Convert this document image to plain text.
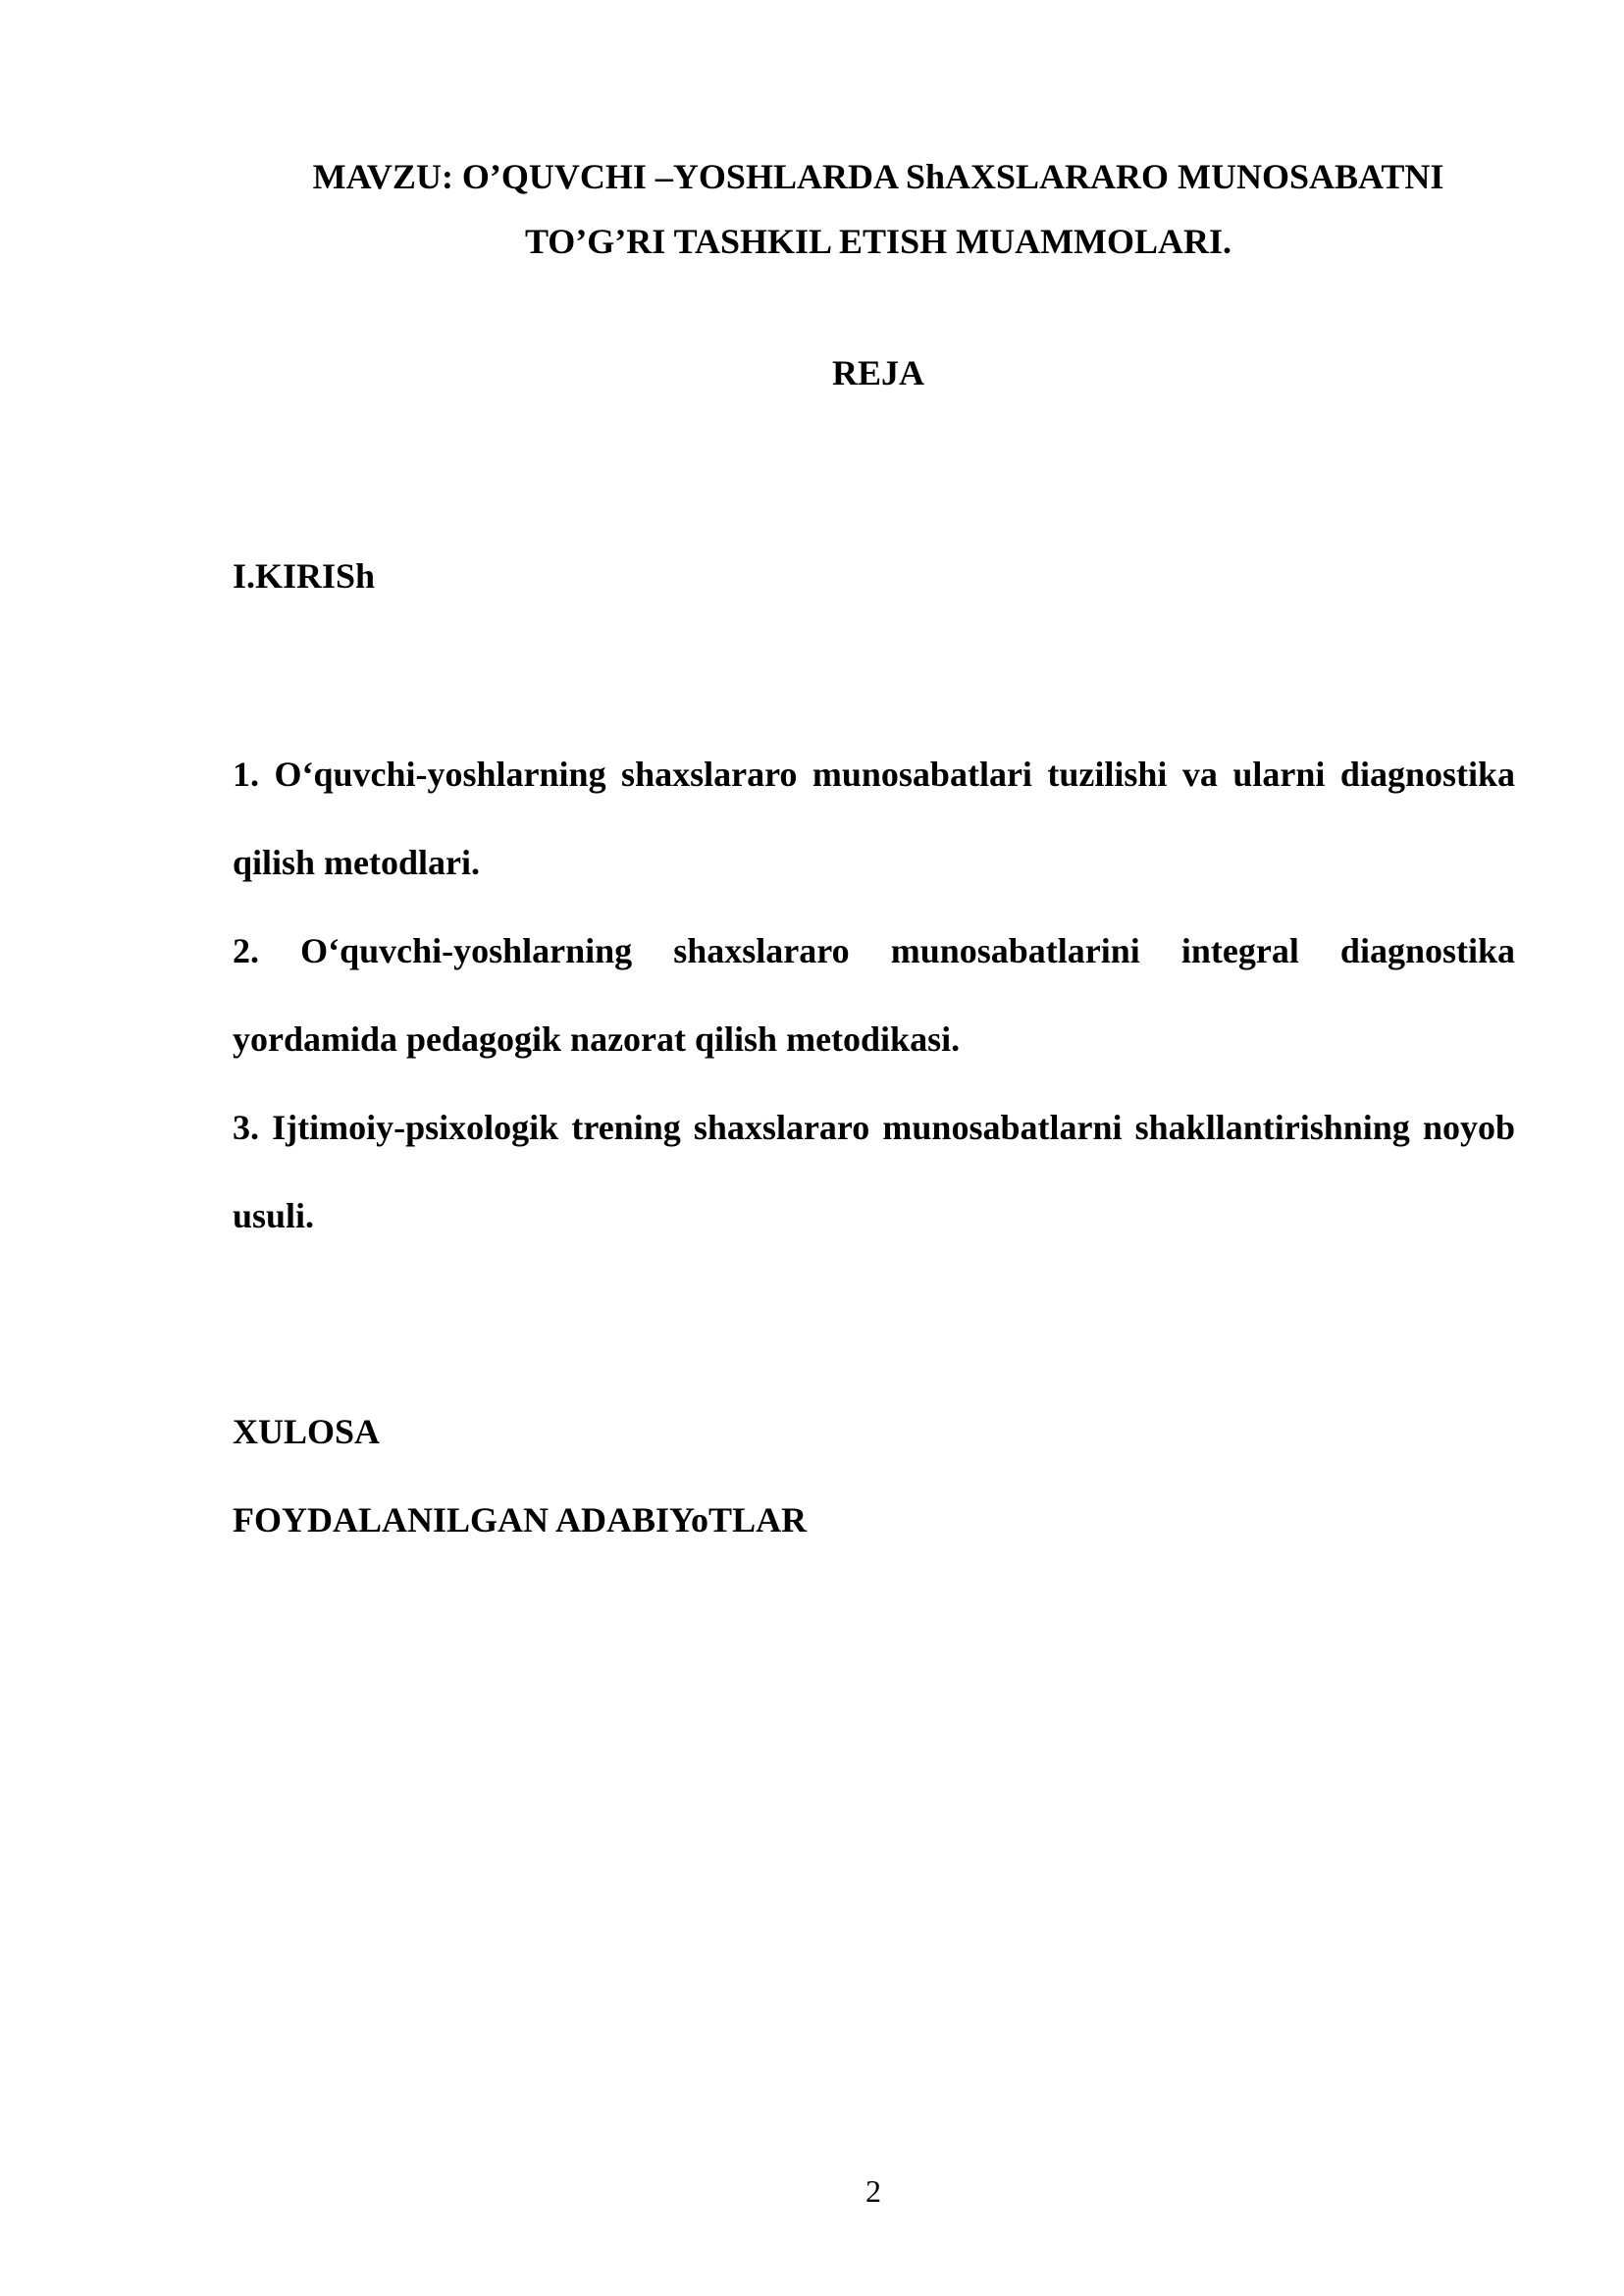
MAVZU: O’QUVCHI –YOSHLARDA ShAXSLARARO MUNOSABATNI

TO’G’RI TASHKIL ETISH MUAMMOLARI.

REJA

I.KIRISh

1. O‘quvchi-yoshlarning shaxslararo munosabatlari tuzilishi va ularni diagnostika qilish metodlari.
2. O‘quvchi-yoshlarning shaxslararo munosabatlarini integral diagnostika yordamida pedagogik nazorat qilish metodikasi.
3. Ijtimoiy-psixologik trening shaxslararo munosabatlarni shakllantirishning noyob usuli.

XULOSA

FOYDALANILGAN ADABIYoTLAR

2
